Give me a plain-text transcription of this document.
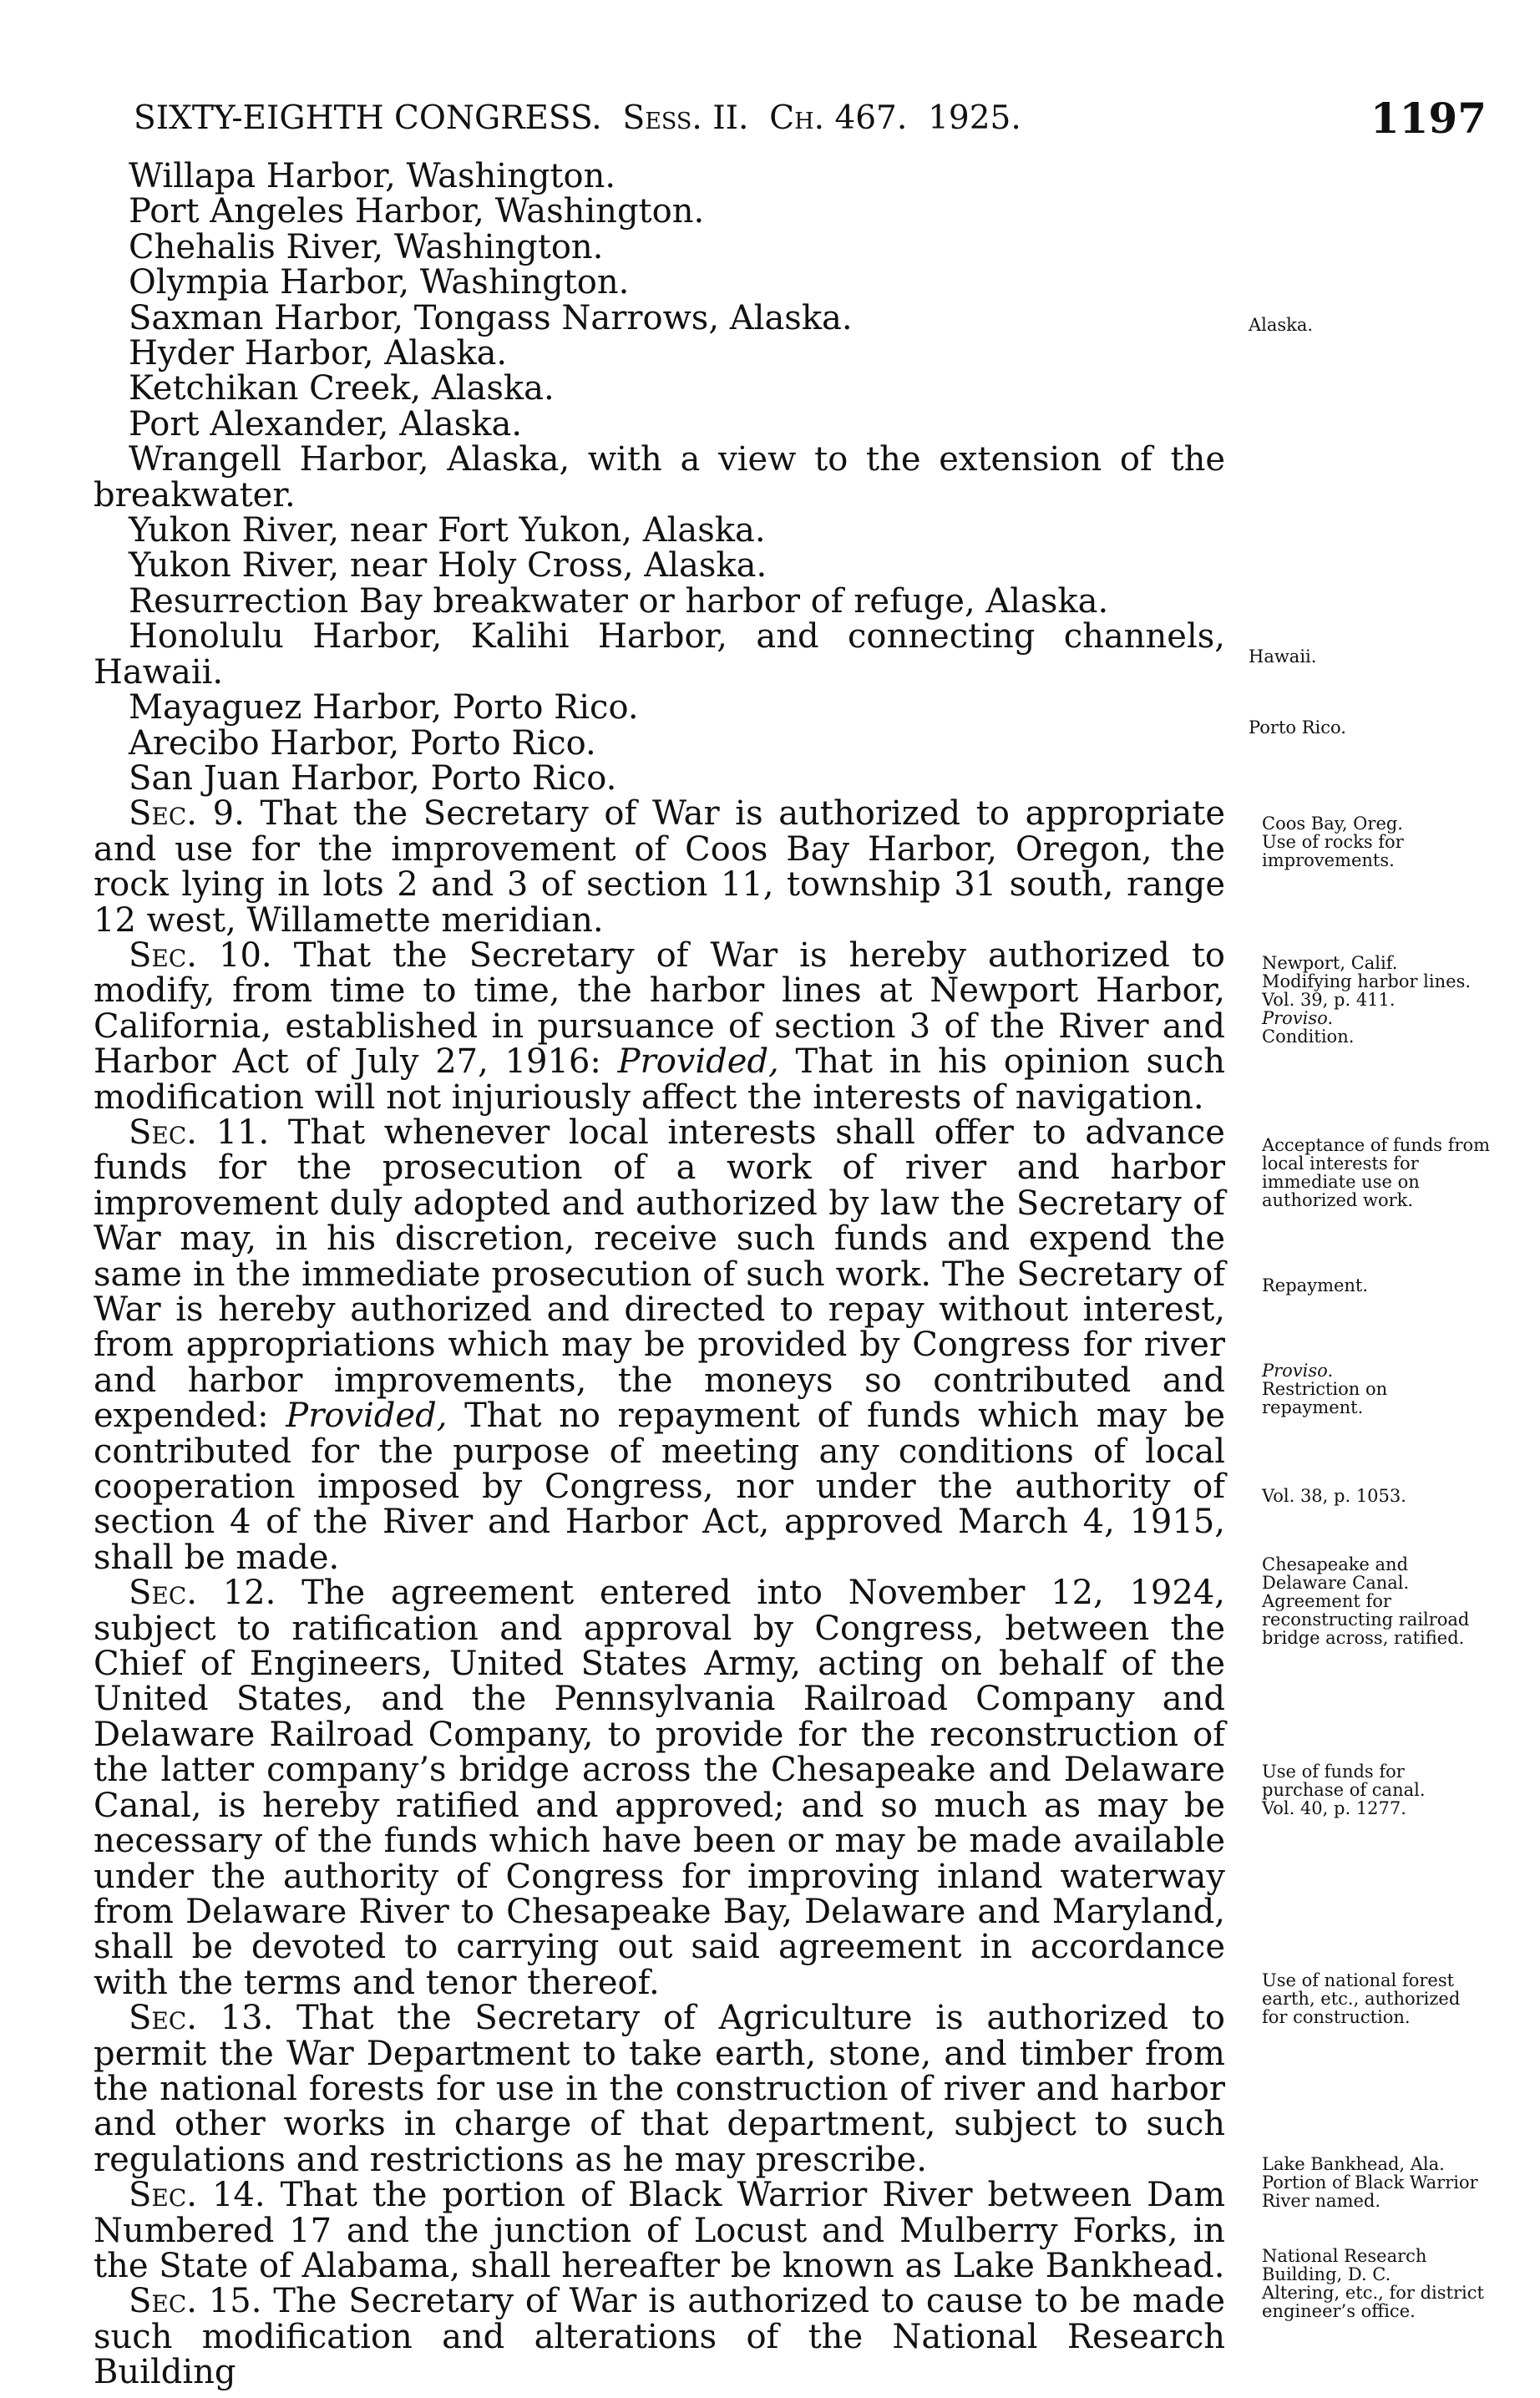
SIXTY-EIGHTH CONGRESS. Sess. II. Ch. 467. 1925.	1197

Willapa Harbor, Washington.

Port Angeles Harbor, Washington.

Chehalis River, Washington.

Olympia Harbor, Washington.

Saxman Harbor, Tongass Narrows, Alaska.

Hyder Harbor, Alaska.

Ketchikan Creek, Alaska.

Port Alexander, Alaska.

Wrangell Harbor, Alaska, with a view to the extension of the breakwater.

Yukon River, near Fort Yukon, Alaska.

Yukon River, near Holy Cross, Alaska.

Resurrection Bay breakwater or harbor of refuge, Alaska.

Honolulu Harbor, Kalihi Harbor, and connecting channels, Hawaii.

Mayaguez Harbor, Porto Rico.

Arecibo Harbor, Porto Rico.

San Juan Harbor, Porto Rico.

Sec. 9. That the Secretary of War is authorized to appropriate and use for the improvement of Coos Bay Harbor, Oregon, the rock lying in lots 2 and 3 of section 11, township 31 south, range 12 west, Willamette meridian.

Sec. 10. That the Secretary of War is hereby authorized to modify, from time to time, the harbor lines at Newport Harbor, California, established in pursuance of section 3 of the River and Harbor Act of July 27, 1916: Provided, That in his opinion such modification will not injuriously affect the interests of navigation.

Sec. 11. That whenever local interests shall offer to advance funds for the prosecution of a work of river and harbor improvement duly adopted and authorized by law the Secretary of War may, in his discretion, receive such funds and expend the same in the immediate prosecution of such work. The Secretary of War is hereby authorized and directed to repay without interest, from appropriations which may be provided by Congress for river and harbor improvements, the moneys so contributed and expended: Provided, That no repayment of funds which may be contributed for the purpose of meeting any conditions of local cooperation imposed by Congress, nor under the authority of section 4 of the River and Harbor Act, approved March 4, 1915, shall be made.

Sec. 12. The agreement entered into November 12, 1924, subject to ratification and approval by Congress, between the Chief of Engineers, United States Army, acting on behalf of the United States, and the Pennsylvania Railroad Company and Delaware Railroad Company, to provide for the reconstruction of the latter company’s bridge across the Chesapeake and Delaware Canal, is hereby ratified and approved; and so much as may be necessary of the funds which have been or may be made available under the authority of Congress for improving inland waterway from Delaware River to Chesapeake Bay, Delaware and Maryland, shall be devoted to carrying out said agreement in accordance with the terms and tenor thereof.

Sec. 13. That the Secretary of Agriculture is authorized to permit the War Department to take earth, stone, and timber from the national forests for use in the construction of river and harbor and other works in charge of that department, subject to such regulations and restrictions as he may prescribe.

Sec. 14. That the portion of Black Warrior River between Dam Numbered 17 and the junction of Locust and Mulberry Forks, in the State of Alabama, shall hereafter be known as Lake Bankhead.

Sec. 15. The Secretary of War is authorized to cause to be made such modification and alterations of the National Research Building

Alaska.
Hawaii.
Porto Rico.
Coos Bay, Oreg.
Use of rocks for improvements.
Newport, Calif.
Modifying harbor lines.
Vol. 39, p. 411.
Proviso.
Condition.
Acceptance of funds from local interests for immediate use on authorized work.
Repayment.
Proviso.
Restriction on repayment.
Vol. 38, p. 1053.
Chesapeake and Delaware Canal.
Agreement for reconstructing railroad bridge across, ratified.
Use of funds for purchase of canal.
Vol. 40, p. 1277.
Use of national forest earth, etc., authorized for construction.
Lake Bankhead, Ala.
Portion of Black Warrior River named.
National Research Building, D. C.
Altering, etc., for district engineer’s office.
